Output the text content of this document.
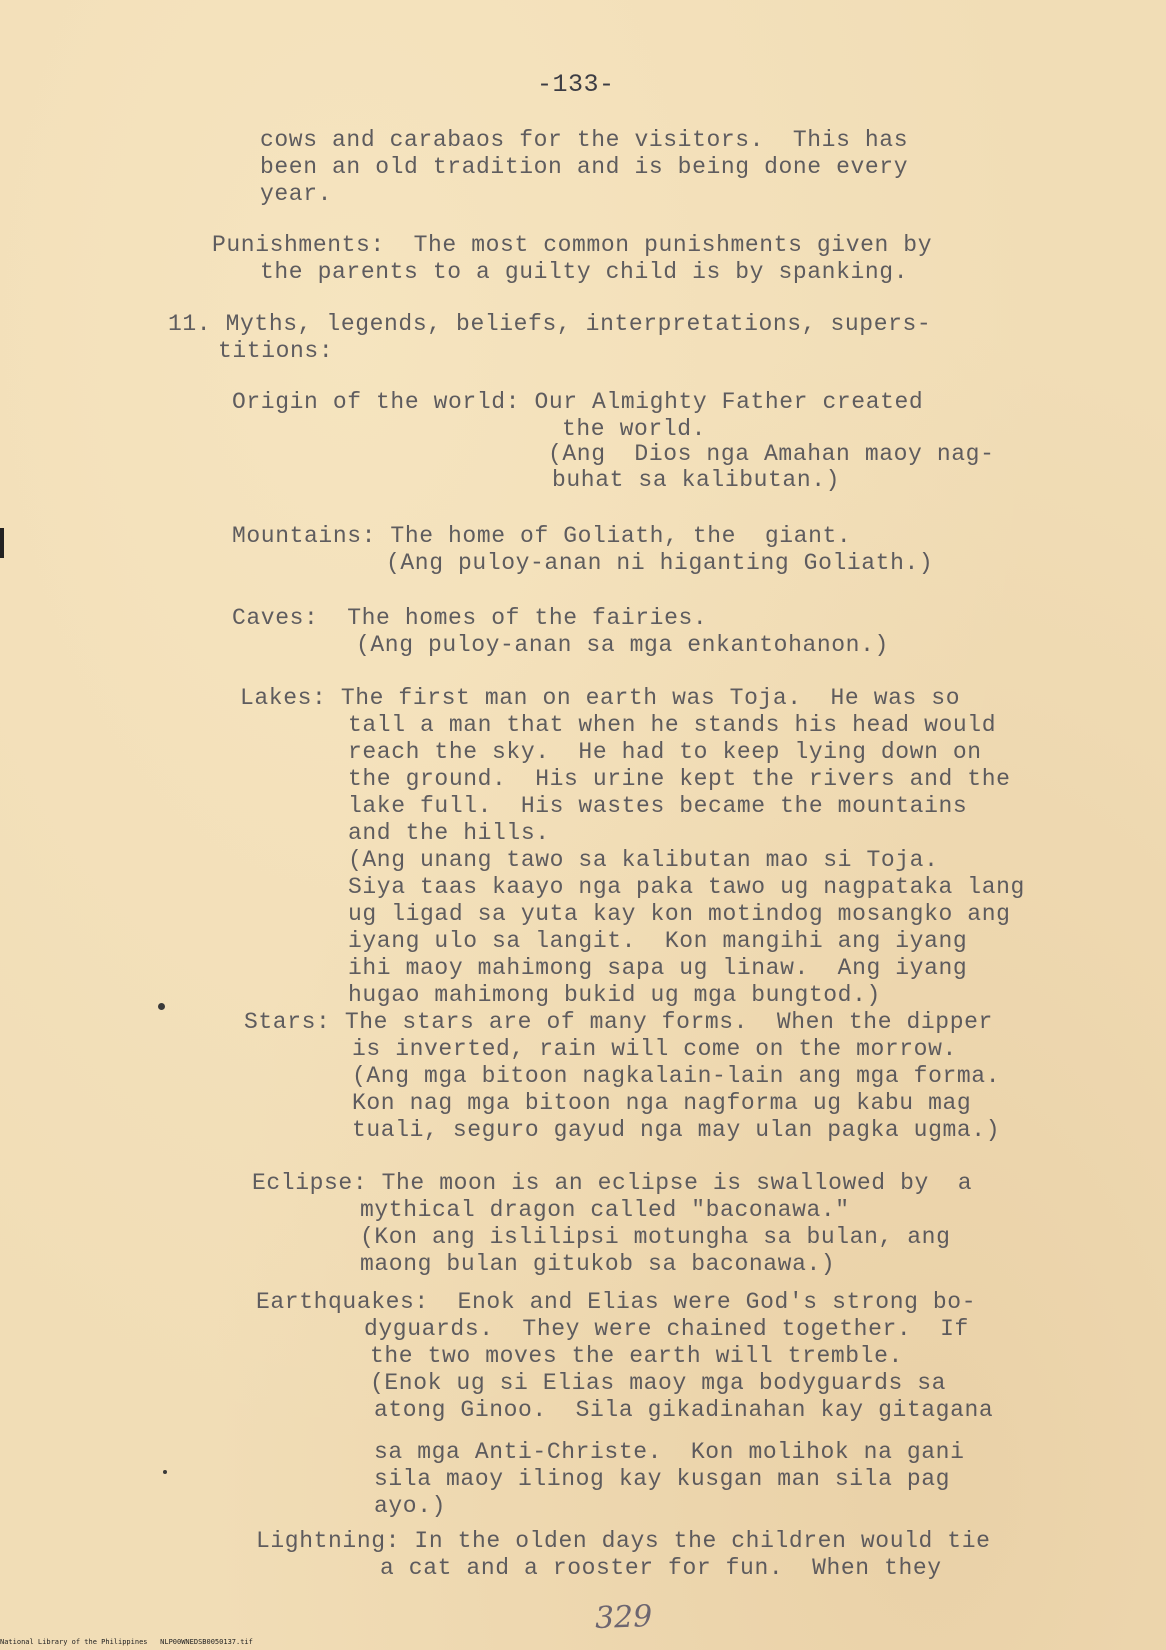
-133-
cows and carabaos for the visitors.  This has
been an old tradition and is being done every
year.
Punishments:  The most common punishments given by
the parents to a guilty child is by spanking.
11. Myths, legends, beliefs, interpretations, supers-
titions:
Origin of the world: Our Almighty Father created
the world.
(Ang  Dios nga Amahan maoy nag-
buhat sa kalibutan.)
Mountains: The home of Goliath, the  giant.
(Ang puloy-anan ni higanting Goliath.)
Caves:  The homes of the fairies.
(Ang puloy-anan sa mga enkantohanon.)
Lakes: The first man on earth was Toja.  He was so
tall a man that when he stands his head would
reach the sky.  He had to keep lying down on
the ground.  His urine kept the rivers and the
lake full.  His wastes became the mountains
and the hills.
(Ang unang tawo sa kalibutan mao si Toja.
Siya taas kaayo nga paka tawo ug nagpataka lang
ug ligad sa yuta kay kon motindog mosangko ang
iyang ulo sa langit.  Kon mangihi ang iyang
ihi maoy mahimong sapa ug linaw.  Ang iyang
hugao mahimong bukid ug mga bungtod.)
Stars: The stars are of many forms.  When the dipper
is inverted, rain will come on the morrow.
(Ang mga bitoon nagkalain-lain ang mga forma.
Kon nag mga bitoon nga nagforma ug kabu mag
tuali, seguro gayud nga may ulan pagka ugma.)
Eclipse: The moon is an eclipse is swallowed by  a
mythical dragon called "baconawa."
(Kon ang islilipsi motungha sa bulan, ang
maong bulan gitukob sa baconawa.)
Earthquakes:  Enok and Elias were God's strong bo-
dyguards.  They were chained together.  If
the two moves the earth will tremble.
(Enok ug si Elias maoy mga bodyguards sa
atong Ginoo.  Sila gikadinahan kay gitagana
sa mga Anti-Christe.  Kon molihok na gani
sila maoy ilinog kay kusgan man sila pag
ayo.)
Lightning: In the olden days the children would tie
a cat and a rooster for fun.  When they
329
National Library of the Philippines   NLP00WNEDSB0050137.tif
